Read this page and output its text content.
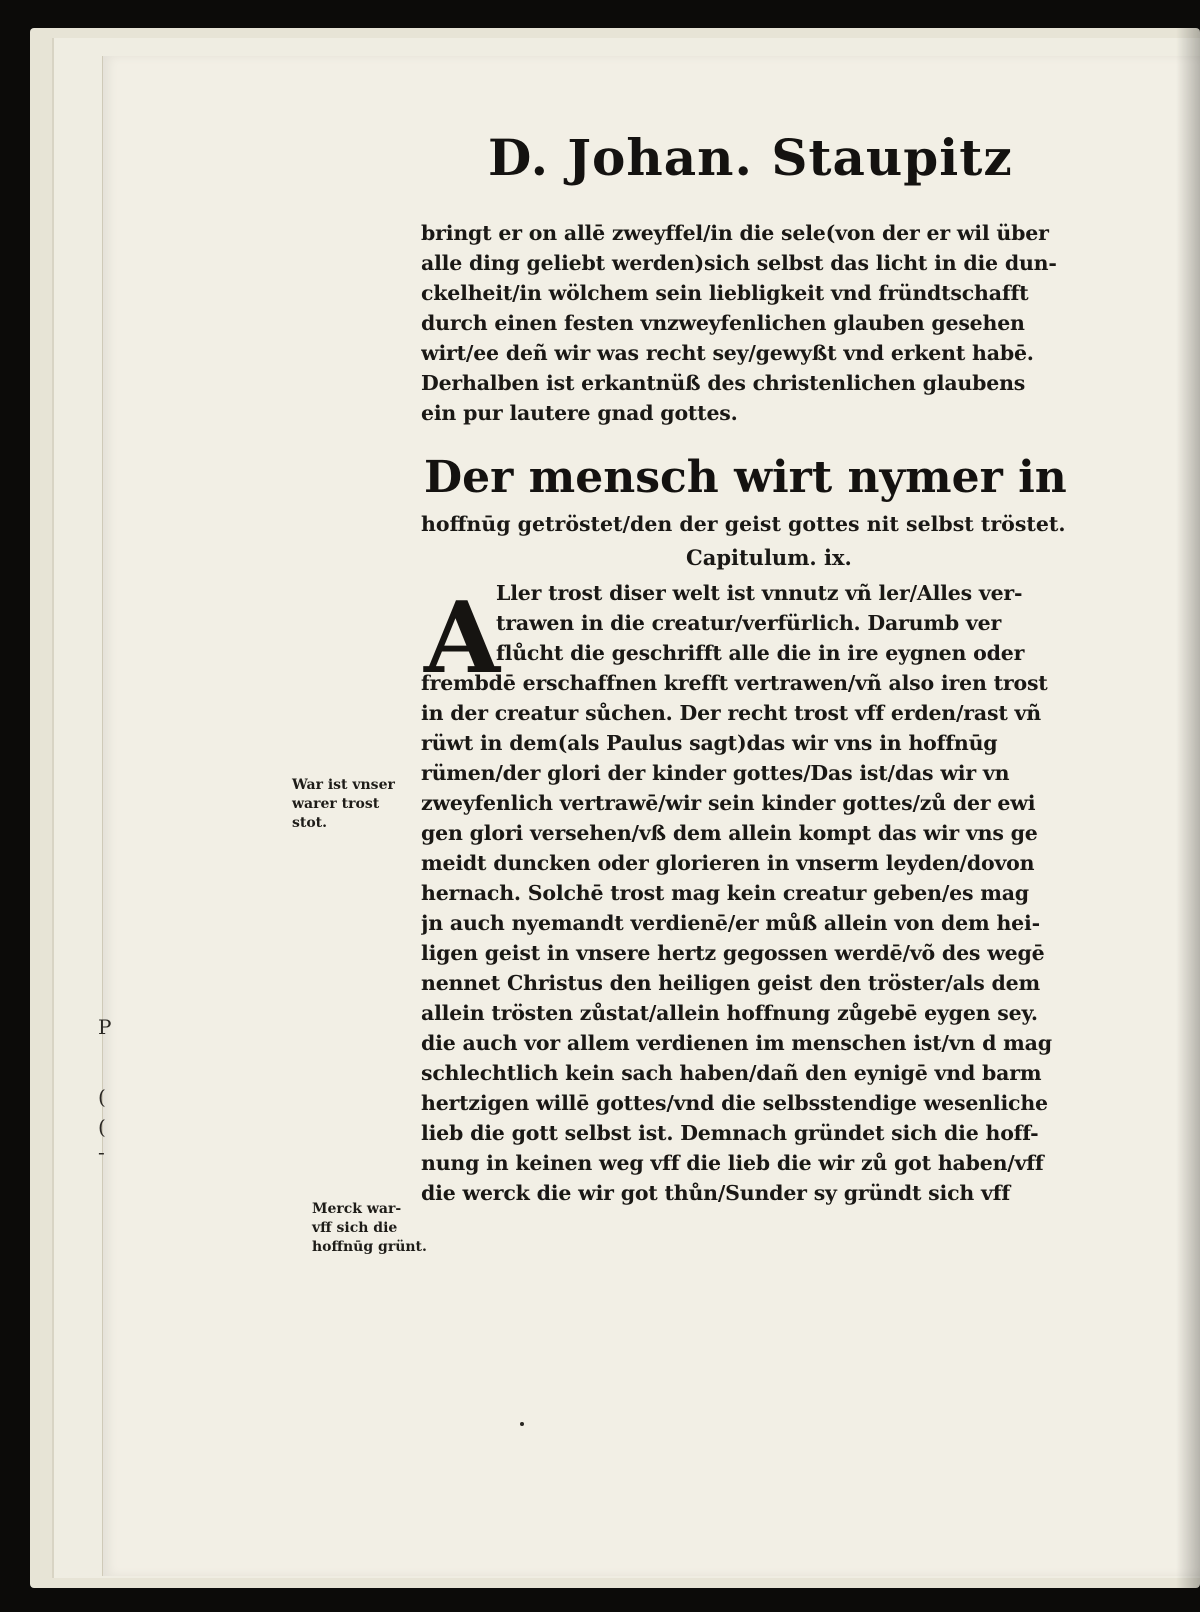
D. Johan. Staupitz
bringt er on allē zweyffel/in die sele(von der er wil über
alle ding geliebt werden)sich selbst das licht in die dun-
ckelheit/in wölchem sein liebligkeit vnd fründtschafft
durch einen festen vnzweyfenlichen glauben gesehen
wirt/ee deñ wir was recht sey/gewyßt vnd erkent habē.
Derhalben ist erkantnüß des christenlichen glaubens
ein pur lautere gnad gottes.
Der mensch wirt nymer in
hoffnūg getröstet/den der geist gottes nit selbst tröstet.
Capitulum. ix.
A
Ller trost diser welt ist vnnutz vñ ler/Alles ver-
trawen in die creatur/verfürlich. Darumb ver
flůcht die geschrifft alle die in ire eygnen oder
frembdē erschaffnen krefft vertrawen/vñ also iren trost
in der creatur sůchen. Der recht trost vff erden/rast vñ
rüwt in dem(als Paulus sagt)das wir vns in hoffnūg
rümen/der glori der kinder gottes/Das ist/das wir vn
zweyfenlich vertrawē/wir sein kinder gottes/zů der ewi
gen glori versehen/vß dem allein kompt das wir vns ge
meidt duncken oder glorieren in vnserm leyden/dovon
hernach. Solchē trost mag kein creatur geben/es mag
jn auch nyemandt verdienē/er můß allein von dem hei-
ligen geist in vnsere hertz gegossen werdē/võ des wegē
nennet Christus den heiligen geist den tröster/als dem
allein trösten zůstat/allein hoffnung zůgebē eygen sey.
die auch vor allem verdienen im menschen ist/vn d mag
schlechtlich kein sach haben/dañ den eynigē vnd barm
hertzigen willē gottes/vnd die selbsstendige wesenliche
lieb die gott selbst ist. Demnach gründet sich die hoff-
nung in keinen weg vff die lieb die wir zů got haben/vff
die werck die wir got thůn/Sunder sy gründt sich vff
War ist vnser
warer trost
stot.
Merck war-
vff sich die
hoffnūg grünt.
P
(
(
-
